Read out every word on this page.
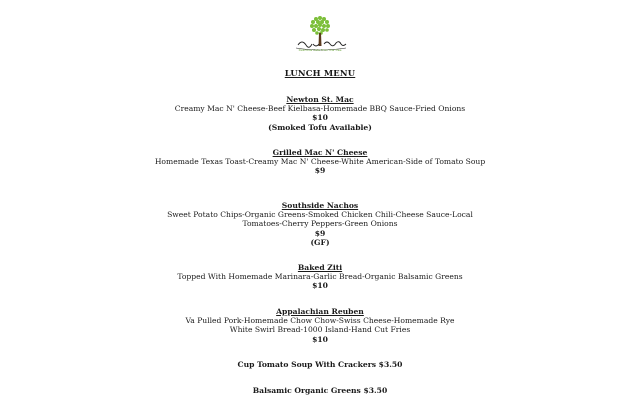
Delicious Cafe From the Tree
LUNCH MENU
Newton St. Mac
Creamy Mac N' Cheese-Beef Kielbasa-Homemade BBQ Sauce-Fried Onions
$10
(Smoked Tofu Available)
Grilled Mac N' Cheese
Homemade Texas Toast-Creamy Mac N' Cheese-White American-Side of Tomato Soup
$9
Southside Nachos
Sweet Potato Chips-Organic Greens-Smoked Chicken Chili-Cheese Sauce-Local Tomatoes-Cherry Peppers-Green Onions
$9
(GF)
Baked Ziti
Topped With Homemade Marinara-Garlic Bread-Organic Balsamic Greens
$10
Appalachian Reuben
Va Pulled Pork-Homemade Chow Chow-Swiss Cheese-Homemade Rye White Swirl Bread-1000 Island-Hand Cut Fries
$10
Cup Tomato Soup With Crackers $3.50
Balsamic Organic Greens $3.50
